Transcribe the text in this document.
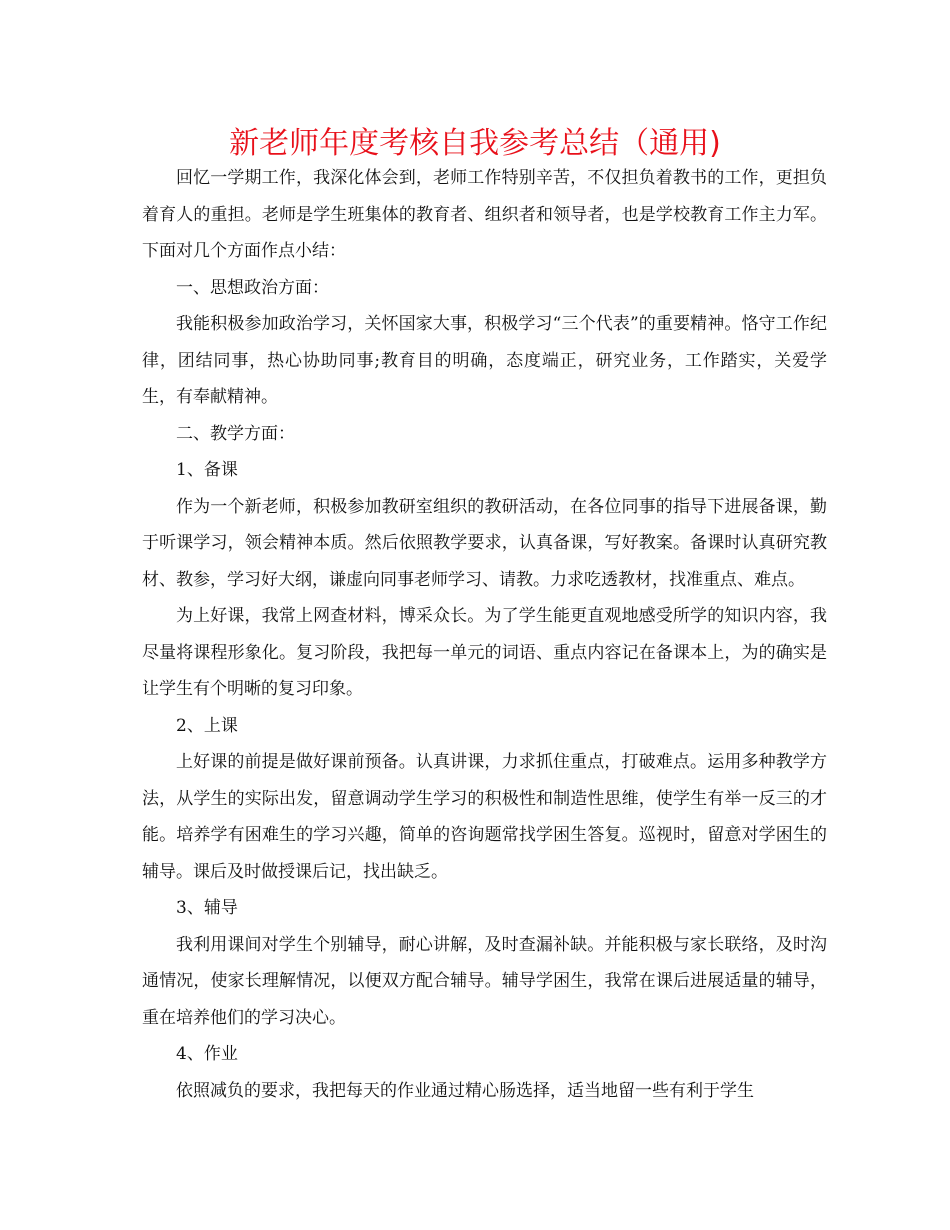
新老师年度考核自我参考总结（通用)

回忆一学期工作，我深化体会到，老师工作特别辛苦，不仅担负着教书的工作，更担负着育人的重担。老师是学生班集体的教育者、组织者和领导者，也是学校教育工作主力军。下面对几个方面作点小结：

一、思想政治方面：

我能积极参加政治学习，关怀国家大事，积极学习“三个代表”的重要精神。恪守工作纪律，团结同事，热心协助同事;教育目的明确，态度端正，研究业务，工作踏实，关爱学生，有奉献精神。

二、教学方面：

1、备课

作为一个新老师，积极参加教研室组织的教研活动，在各位同事的指导下进展备课，勤于听课学习，领会精神本质。然后依照教学要求，认真备课，写好教案。备课时认真研究教材、教参，学习好大纲，谦虚向同事老师学习、请教。力求吃透教材，找准重点、难点。

为上好课，我常上网查材料，博采众长。为了学生能更直观地感受所学的知识内容，我尽量将课程形象化。复习阶段，我把每一单元的词语、重点内容记在备课本上，为的确实是让学生有个明晰的复习印象。

2、上课

上好课的前提是做好课前预备。认真讲课，力求抓住重点，打破难点。运用多种教学方法，从学生的实际出发，留意调动学生学习的积极性和制造性思维，使学生有举一反三的才能。培养学有困难生的学习兴趣，简单的咨询题常找学困生答复。巡视时，留意对学困生的辅导。课后及时做授课后记，找出缺乏。

3、辅导

我利用课间对学生个别辅导，耐心讲解，及时查漏补缺。并能积极与家长联络，及时沟通情况，使家长理解情况，以便双方配合辅导。辅导学困生，我常在课后进展适量的辅导，重在培养他们的学习决心。

4、作业

依照减负的要求，我把每天的作业通过精心肠选择，适当地留一些有利于学生
